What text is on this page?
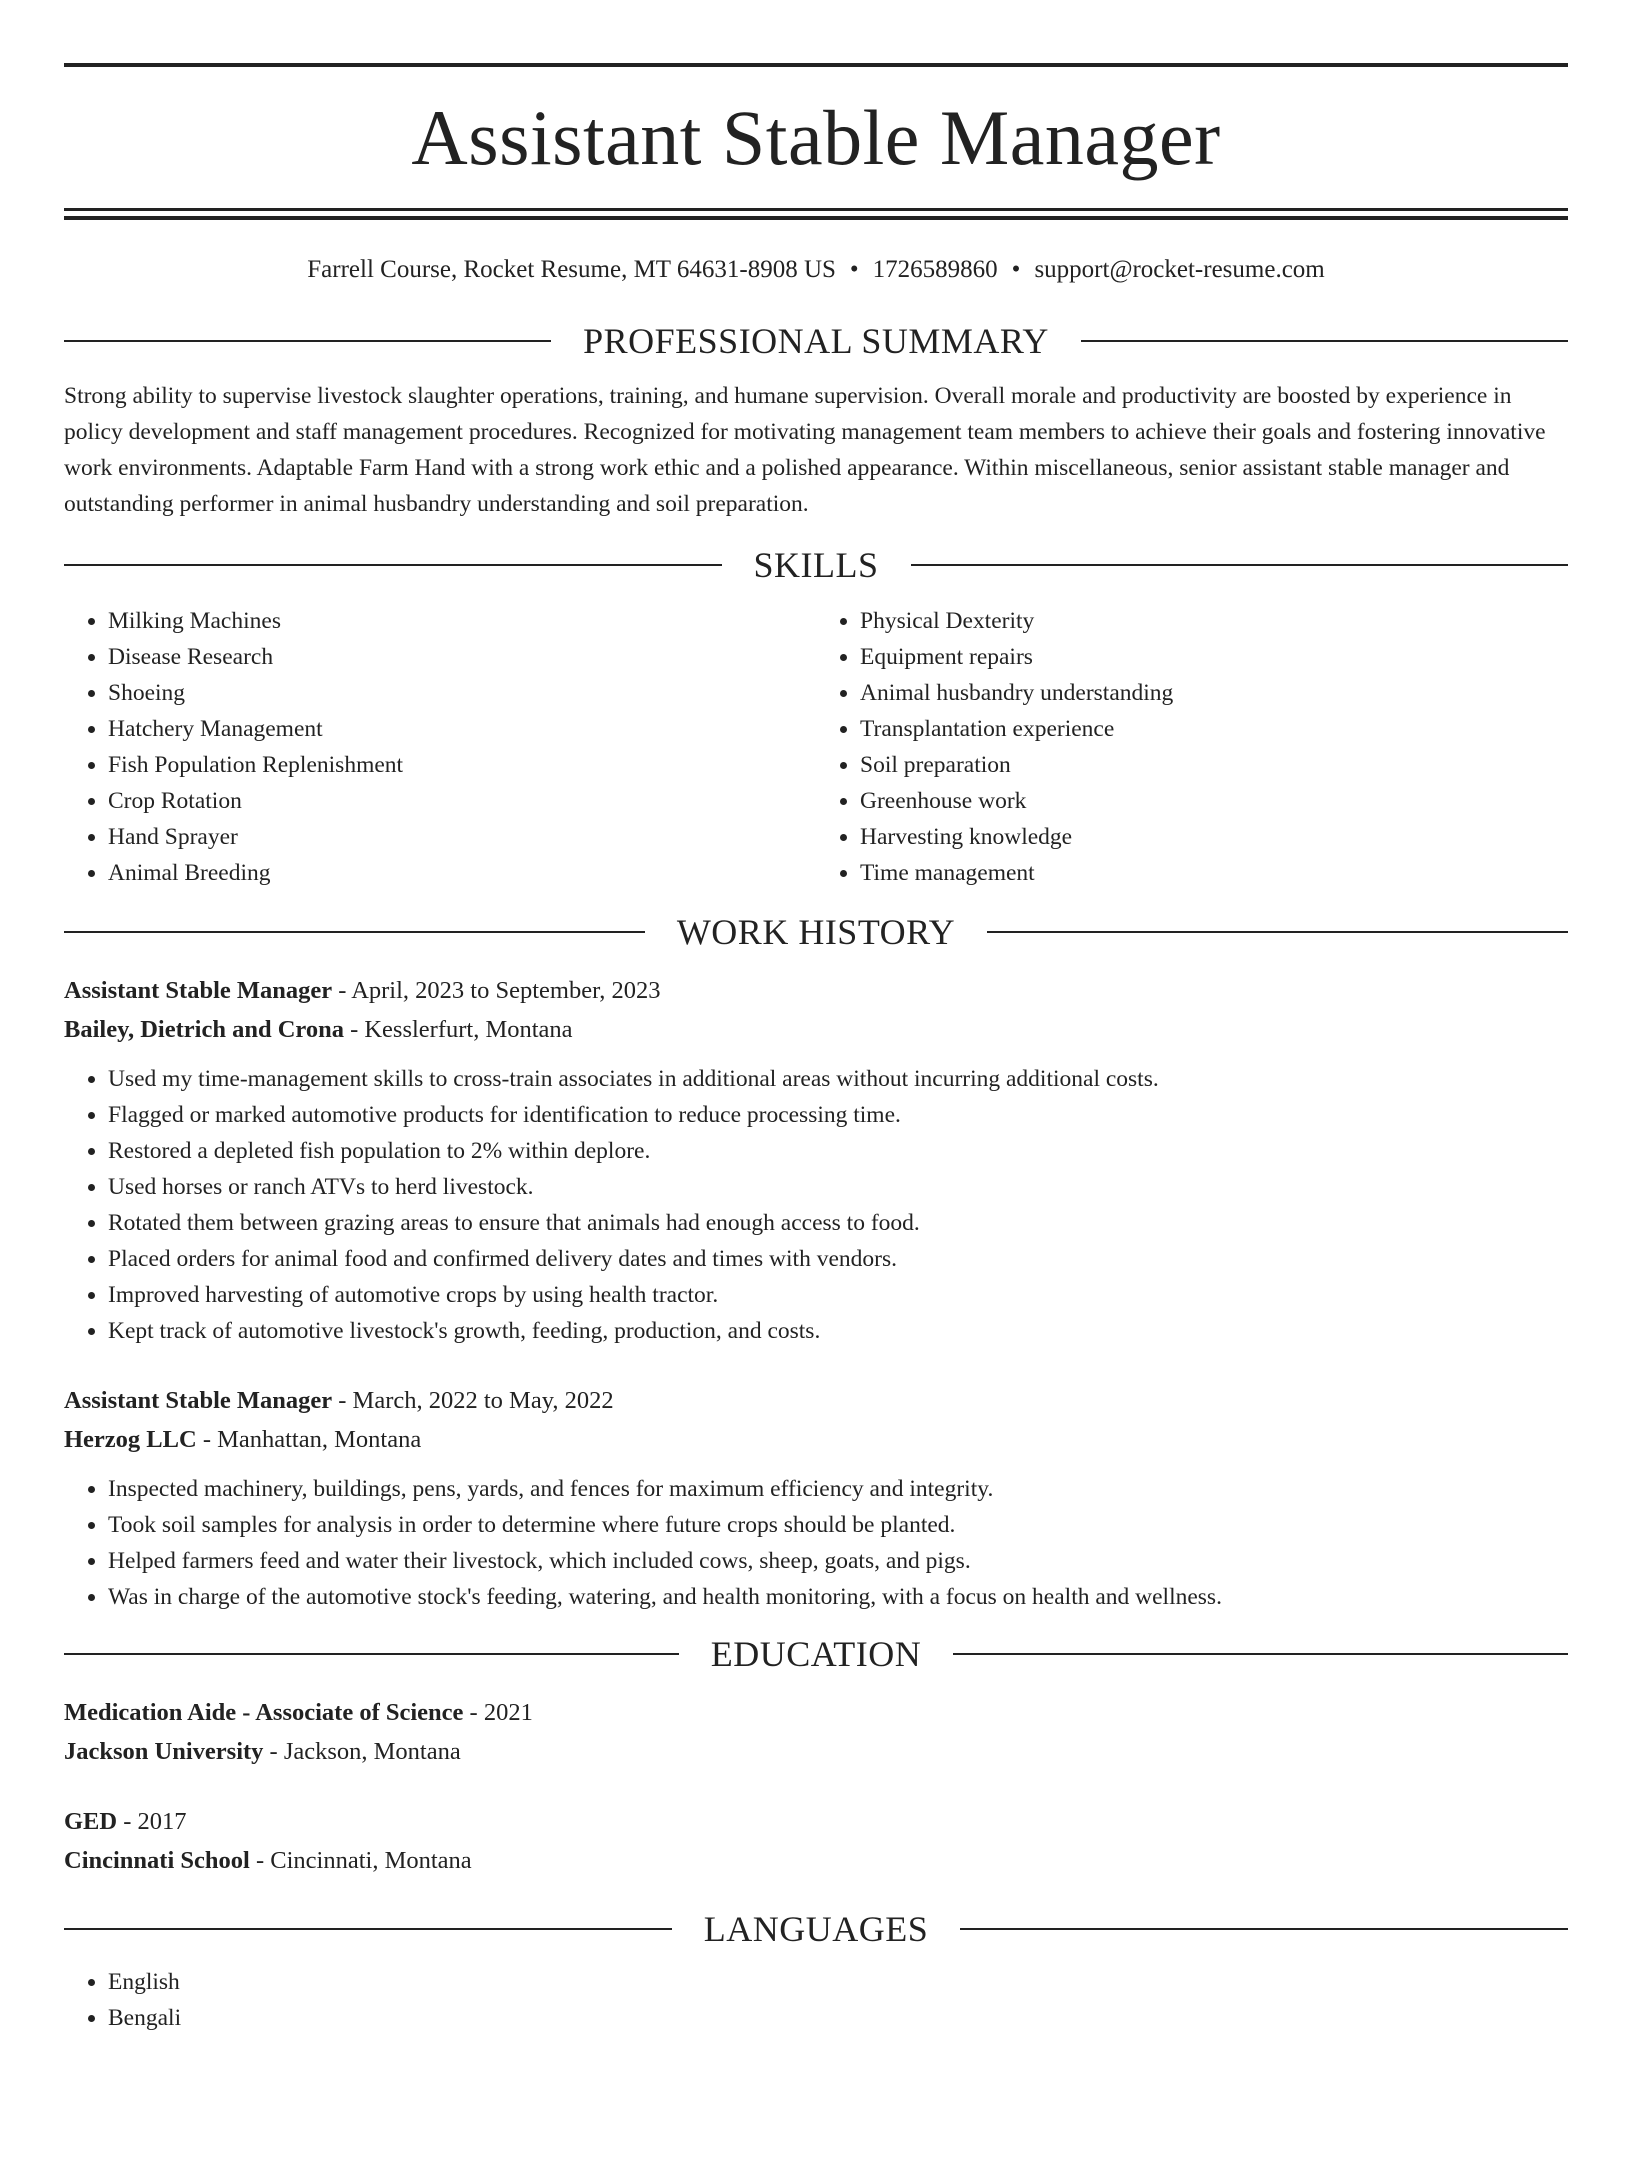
Assistant Stable Manager
Farrell Course, Rocket Resume, MT 64631-8908 US • 1726589860 • support@rocket-resume.com
PROFESSIONAL SUMMARY

Strong ability to supervise livestock slaughter operations, training, and humane supervision. Overall morale and productivity are boosted by experience in policy development and staff management procedures. Recognized for motivating management team members to achieve their goals and fostering innovative work environments. Adaptable Farm Hand with a strong work ethic and a polished appearance. Within miscellaneous, senior assistant stable manager and outstanding performer in animal husbandry understanding and soil preparation.

SKILLS
• Milking Machines
• Disease Research
• Shoeing
• Hatchery Management
• Fish Population Replenishment
• Crop Rotation
• Hand Sprayer
• Animal Breeding
• Physical Dexterity
• Equipment repairs
• Animal husbandry understanding
• Transplantation experience
• Soil preparation
• Greenhouse work
• Harvesting knowledge
• Time management
WORK HISTORY
Assistant Stable Manager - April, 2023 to September, 2023
Bailey, Dietrich and Crona - Kesslerfurt, Montana
• Used my time-management skills to cross-train associates in additional areas without incurring additional costs.
• Flagged or marked automotive products for identification to reduce processing time.
• Restored a depleted fish population to 2% within deplore.
• Used horses or ranch ATVs to herd livestock.
• Rotated them between grazing areas to ensure that animals had enough access to food.
• Placed orders for animal food and confirmed delivery dates and times with vendors.
• Improved harvesting of automotive crops by using health tractor.
• Kept track of automotive livestock's growth, feeding, production, and costs.
Assistant Stable Manager - March, 2022 to May, 2022
Herzog LLC - Manhattan, Montana
• Inspected machinery, buildings, pens, yards, and fences for maximum efficiency and integrity.
• Took soil samples for analysis in order to determine where future crops should be planted.
• Helped farmers feed and water their livestock, which included cows, sheep, goats, and pigs.
• Was in charge of the automotive stock's feeding, watering, and health monitoring, with a focus on health and wellness.
EDUCATION
Medication Aide - Associate of Science - 2021
Jackson University - Jackson, Montana
GED - 2017
Cincinnati School - Cincinnati, Montana
LANGUAGES
• English
• Bengali
